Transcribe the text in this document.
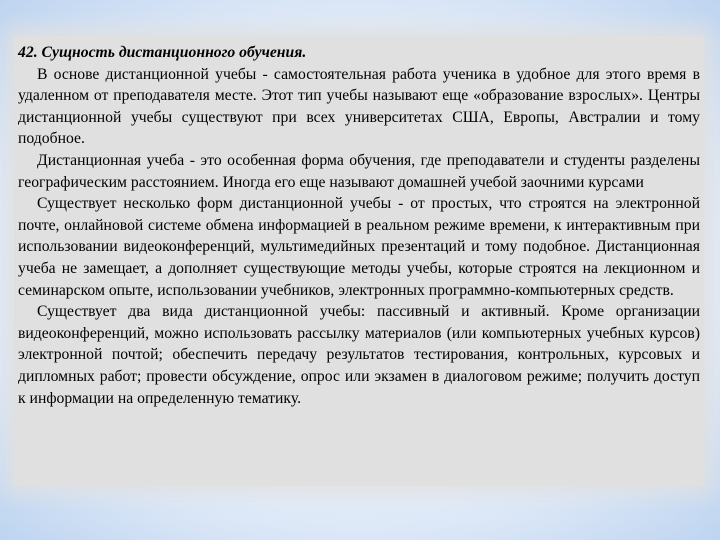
42. Сущность дистанционного обучения.

В основе дистанционной учебы - самостоятельная работа ученика в удобное для этого время в удаленном от преподавателя месте. Этот тип учебы называют еще «образование взрослых». Центры дистанционной учебы существуют при всех университетах США, Европы, Австралии и тому подобное.

Дистанционная учеба - это особенная форма обучения, где преподаватели и студенты разделены географическим расстоянием. Иногда его еще называют домашней учебой заочними курсами

Существует несколько форм дистанционной учебы - от простых, что строятся на электронной почте, онлайновой системе обмена информацией в реальном режиме времени, к интерактивным при использовании видеоконференций, мультимедийных презентаций и тому подобное. Дистанционная учеба не замещает, а дополняет существующие методы учебы, которые строятся на лекционном и семинарском опыте, использовании учебников, электронных программно-компьютерных средств.

Существует два вида дистанционной учебы: пассивный и активный. Кроме организации видеоконференций, можно использовать рассылку материалов (или компьютерных учебных курсов) электронной почтой; обеспечить передачу результатов тестирования, контрольных, курсовых и дипломных работ; провести обсуждение, опрос или экзамен в диалоговом режиме; получить доступ к информации на определенную тематику.
